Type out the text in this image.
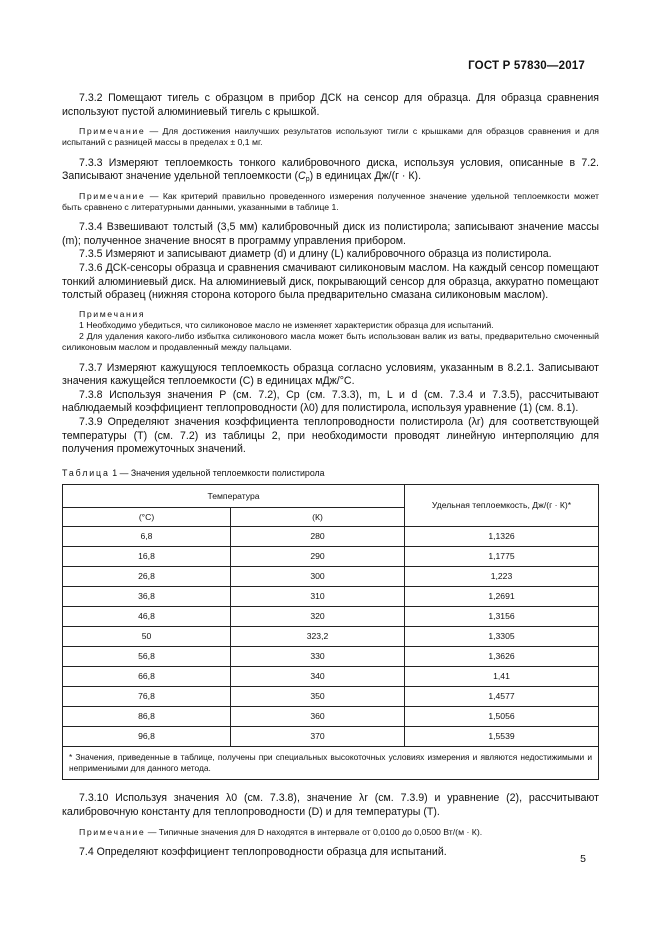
ГОСТ Р 57830—2017

7.3.2 Помещают тигель с образцом в прибор ДСК на сенсор для образца. Для образца сравнения используют пустой алюминиевый тигель с крышкой.

Примечание — Для достижения наилучших результатов используют тигли с крышками для образцов сравнения и для испытаний с разницей массы в пределах ± 0,1 мг.

7.3.3 Измеряют теплоемкость тонкого калибровочного диска, используя условия, описанные в 7.2. Записывают значение удельной теплоемкости $(C_p)$ в единицах Дж/(г · К).

Примечание — Как критерий правильно проведенного измерения полученное значение удельной теплоемкости может быть сравнено с литературными данными, указанными в таблице 1.

7.3.4 Взвешивают толстый (3,5 мм) калибровочный диск из полистирола; записывают значение массы (m); полученное значение вносят в программу управления прибором.

7.3.5 Измеряют и записывают диаметр (d) и длину (L) калибровочного образца из полистирола.

7.3.6 ДСК-сенсоры образца и сравнения смачивают силиконовым маслом. На каждый сенсор помещают тонкий алюминиевый диск. На алюминиевый диск, покрывающий сенсор для образца, аккуратно помещают толстый образец (нижняя сторона которого была предварительно смазана силиконовым маслом).

Примечания

1 Необходимо убедиться, что силиконовое масло не изменяет характеристик образца для испытаний.

2 Для удаления какого-либо избытка силиконового масла может быть использован валик из ваты, предварительно смоченный силиконовым маслом и продавленный между пальцами.

7.3.7 Измеряют кажущуюся теплоемкость образца согласно условиям, указанным в 8.2.1. Записывают значения кажущейся теплоемкости (C) в единицах мДж/°С.

7.3.8 Используя значения P (см. 7.2), Cp (см. 7.3.3), m, L и d (см. 7.3.4 и 7.3.5), рассчитывают наблюдаемый коэффициент теплопроводности (λ0) для полистирола, используя уравнение (1) (см. 8.1).

7.3.9 Определяют значения коэффициента теплопроводности полистирола (λr) для соответствующей температуры (T) (см. 7.2) из таблицы 2, при необходимости проводят линейную интерполяцию для получения промежуточных значений.

Таблица 1 — Значения удельной теплоемкости полистирола

Температура		Удельная теплоемкость, Дж/(г · К)*
(°С)	(К)	
6,8	280	1,1326
16,8	290	1,1775
26,8	300	1,223
36,8	310	1,2691
46,8	320	1,3156
50	323,2	1,3305
56,8	330	1,3626
66,8	340	1,41
76,8	350	1,4577
86,8	360	1,5056
96,8	370	1,5539
* Значения, приведенные в таблице, получены при специальных высокоточных условиях измерения и являются недостижимыми и непримениыми для данного метода.		

7.3.10 Используя значения λ0 (см. 7.3.8), значение λr (см. 7.3.9) и уравнение (2), рассчитывают калибровочную константу для теплопроводности (D) и для температуры (T).

Примечание — Типичные значения для D находятся в интервале от 0,0100 до 0,0500 Вт/(м · К).

7.4 Определяют коэффициент теплопроводности образца для испытаний.

5
